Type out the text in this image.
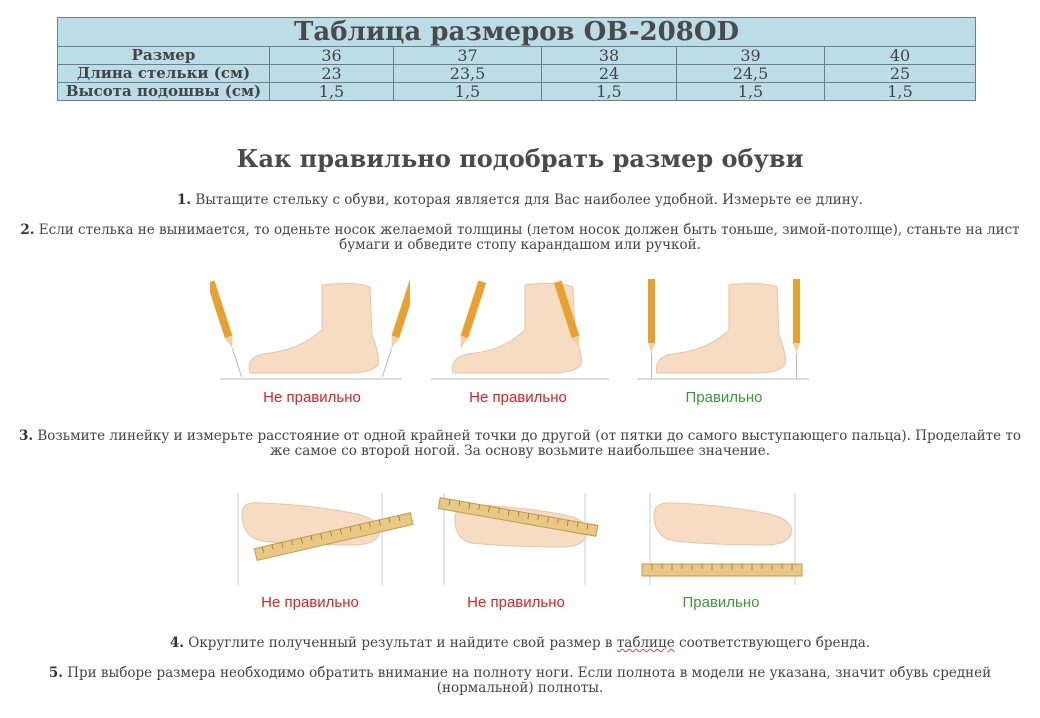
Таблица размеров OB-208OD					
Размер	36	37	38	39	40
Длина стельки (см)	23	23,5	24	24,5	25
Высота подошвы (см)	1,5	1,5	1,5	1,5	1,5
Как правильно подобрать размер обуви
1. Вытащите стельку с обуви, которая является для Вас наиболее удобной. Измерьте ее длину.
2. Если стелька не вынимается, то оденьте носок желаемой толщины (летом носок должен быть тоньше, зимой-потолще), станьте на лист
бумаги и обведите стопу карандашом или ручкой.
Не правильно	Не правильно	Правильно
3. Возьмите линейку и измерьте расстояние от одной крайней точки до другой (от пятки до самого выступающего пальца). Проделайте то
же самое со второй ногой. За основу возьмите наибольшее значение.
Не правильно	Не правильно	Правильно
4. Округлите полученный результат и найдите свой размер в таблице соответствующего бренда.
5. При выборе размера необходимо обратить внимание на полноту ноги. Если полнота в модели не указана, значит обувь средней
(нормальной) полноты.
